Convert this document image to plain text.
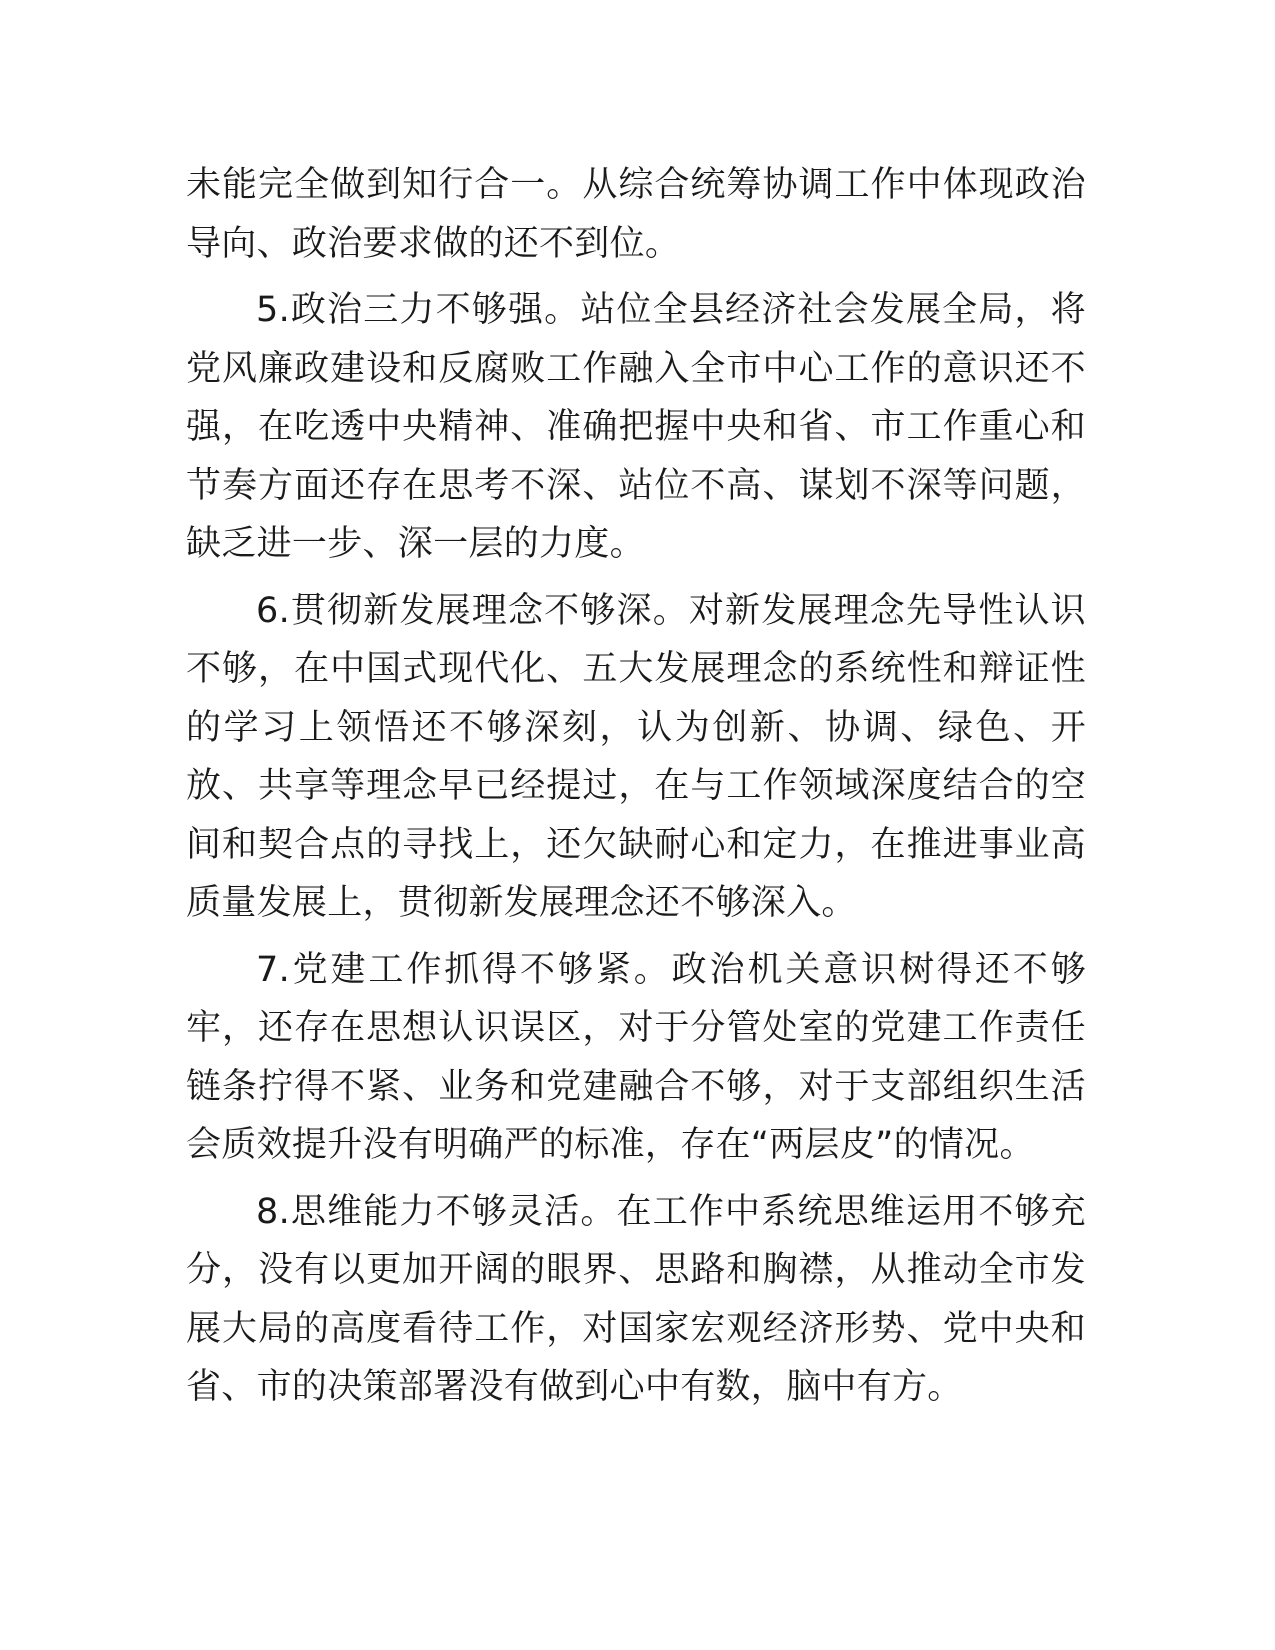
未能完全做到知行合一。从综合统筹协调工作中体现政治导向、政治要求做的还不到位。

5.政治三力不够强。站位全县经济社会发展全局，将党风廉政建设和反腐败工作融入全市中心工作的意识还不强，在吃透中央精神、准确把握中央和省、市工作重心和节奏方面还存在思考不深、站位不高、谋划不深等问题，缺乏进一步、深一层的力度。

6.贯彻新发展理念不够深。对新发展理念先导性认识不够，在中国式现代化、五大发展理念的系统性和辩证性的学习上领悟还不够深刻，认为创新、协调、绿色、开放、共享等理念早已经提过，在与工作领域深度结合的空间和契合点的寻找上，还欠缺耐心和定力，在推进事业高质量发展上，贯彻新发展理念还不够深入。

7.党建工作抓得不够紧。政治机关意识树得还不够牢，还存在思想认识误区，对于分管处室的党建工作责任链条拧得不紧、业务和党建融合不够，对于支部组织生活会质效提升没有明确严的标准，存在“两层皮”的情况。

8.思维能力不够灵活。在工作中系统思维运用不够充分，没有以更加开阔的眼界、思路和胸襟，从推动全市发展大局的高度看待工作，对国家宏观经济形势、党中央和省、市的决策部署没有做到心中有数，脑中有方。
